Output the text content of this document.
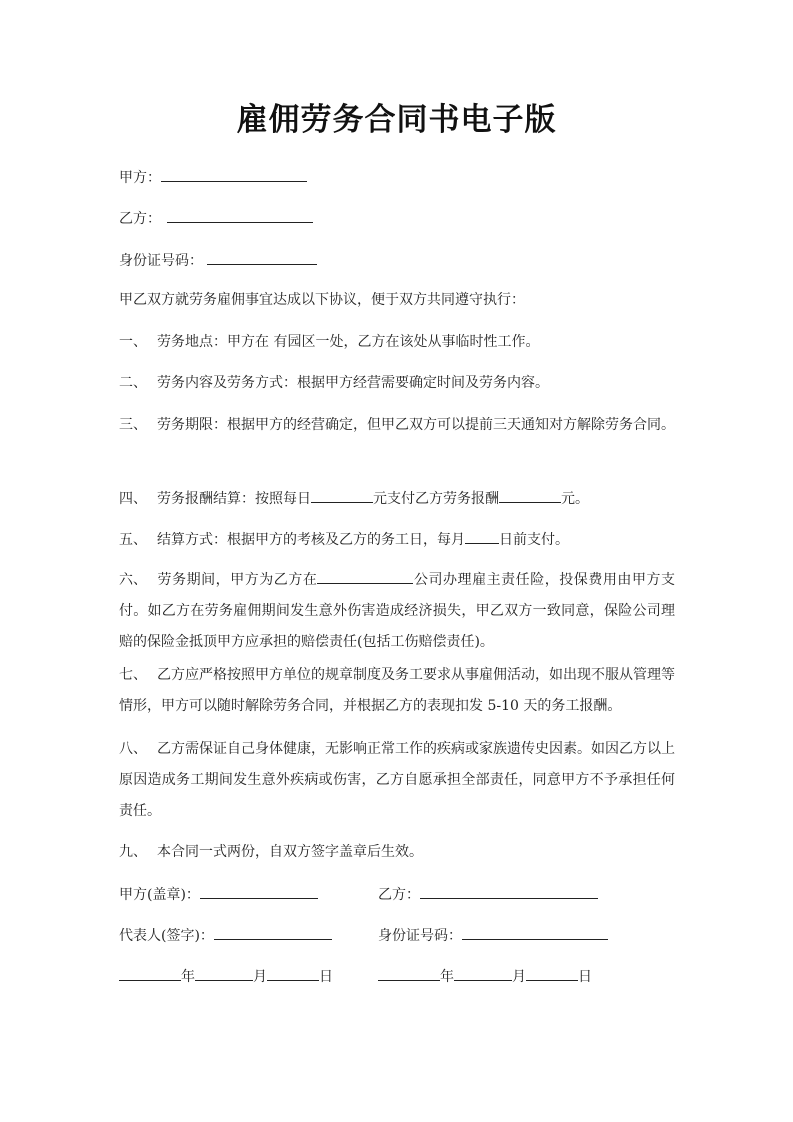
雇佣劳务合同书电子版
甲方：
乙方：
身份证号码：
甲乙双方就劳务雇佣事宜达成以下协议，便于双方共同遵守执行：
一、 劳务地点：甲方在 有园区一处，乙方在该处从事临时性工作。
二、 劳务内容及劳务方式：根据甲方经营需要确定时间及劳务内容。
三、 劳务期限：根据甲方的经营确定，但甲乙双方可以提前三天通知对方解除劳务合同。
四、 劳务报酬结算：按照每日	元支付乙方劳务报酬	元。
五、 结算方式：根据甲方的考核及乙方的务工日，每月 日前支付。
六、 劳务期间，甲方为乙方在	公司办理雇主责任险，投保费用由甲方支付。如乙方在劳务雇佣期间发生意外伤害造成经济损失，甲乙双方一致同意，保险公司理赔的保险金抵顶甲方应承担的赔偿责任(包括工伤赔偿责任)。
七、 乙方应严格按照甲方单位的规章制度及务工要求从事雇佣活动，如出现不服从管理等情形，甲方可以随时解除劳务合同，并根据乙方的表现扣发 5-10 天的务工报酬。
八、 乙方需保证自己身体健康，无影响正常工作的疾病或家族遗传史因素。如因乙方以上原因造成务工期间发生意外疾病或伤害，乙方自愿承担全部责任，同意甲方不予承担任何责任。
九、 本合同一式两份，自双方签字盖章后生效。
甲方(盖章)：	乙方：
代表人(签字)：	身份证号码：
年	月	日	年	月	日
